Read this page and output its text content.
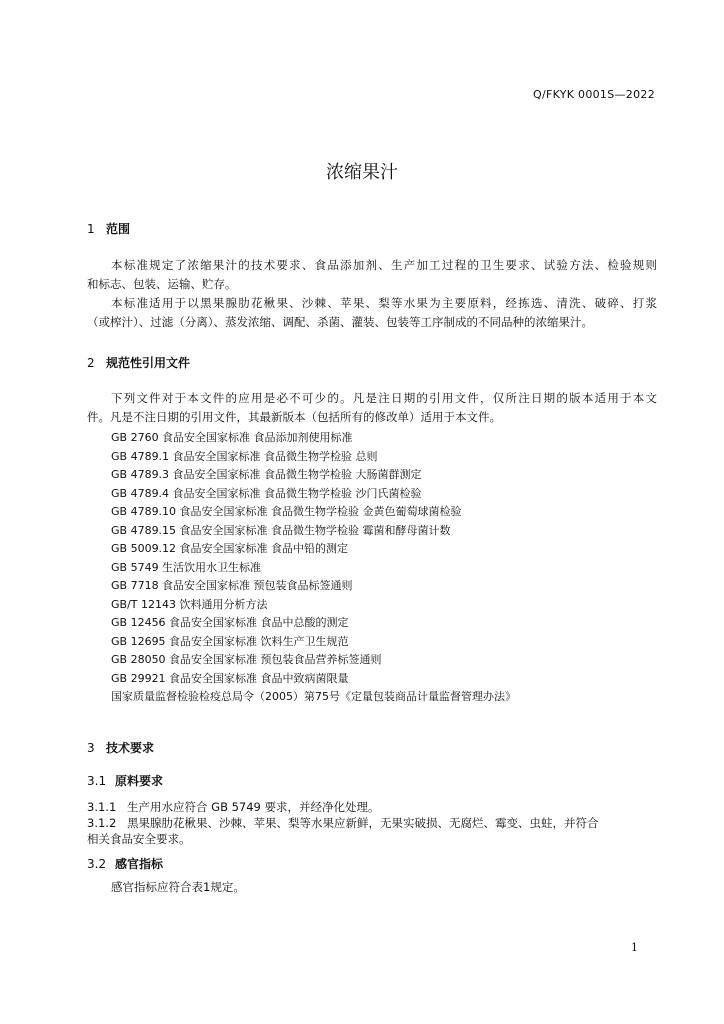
Q/FKYK 0001S—2022
浓缩果汁
1 范围
本标准规定了浓缩果汁的技术要求、食品添加剂、生产加工过程的卫生要求、试验方法、检验规则
和标志、包装、运输、贮存。
本标准适用于以黑果腺肋花楸果、沙棘、苹果、梨等水果为主要原料，经拣选、清洗、破碎、打浆
（或榨汁）、过滤（分离）、蒸发浓缩、调配、杀菌、灌装、包装等工序制成的不同品种的浓缩果汁。
2 规范性引用文件
下列文件对于本文件的应用是必不可少的。凡是注日期的引用文件，仅所注日期的版本适用于本文
件。凡是不注日期的引用文件，其最新版本（包括所有的修改单）适用于本文件。
GB 2760 食品安全国家标准 食品添加剂使用标准
GB 4789.1 食品安全国家标准 食品微生物学检验 总则
GB 4789.3 食品安全国家标准 食品微生物学检验 大肠菌群测定
GB 4789.4 食品安全国家标准 食品微生物学检验 沙门氏菌检验
GB 4789.10 食品安全国家标准 食品微生物学检验 金黄色葡萄球菌检验
GB 4789.15 食品安全国家标准 食品微生物学检验 霉菌和酵母菌计数
GB 5009.12 食品安全国家标准 食品中铅的测定
GB 5749 生活饮用水卫生标准
GB 7718 食品安全国家标准 预包装食品标签通则
GB/T 12143 饮料通用分析方法
GB 12456 食品安全国家标准 食品中总酸的测定
GB 12695 食品安全国家标准 饮料生产卫生规范
GB 28050 食品安全国家标准 预包装食品营养标签通则
GB 29921 食品安全国家标准 食品中致病菌限量
国家质量监督检验检疫总局令（2005）第75号《定量包装商品计量监督管理办法》
3 技术要求
3.1 原料要求
3.1.1 生产用水应符合 GB 5749 要求，并经净化处理。
3.1.2 黑果腺肋花楸果、沙棘、苹果、梨等水果应新鲜，无果实破损、无腐烂、霉变、虫蛀，并符合
相关食品安全要求。
3.2 感官指标
感官指标应符合表1规定。
1
